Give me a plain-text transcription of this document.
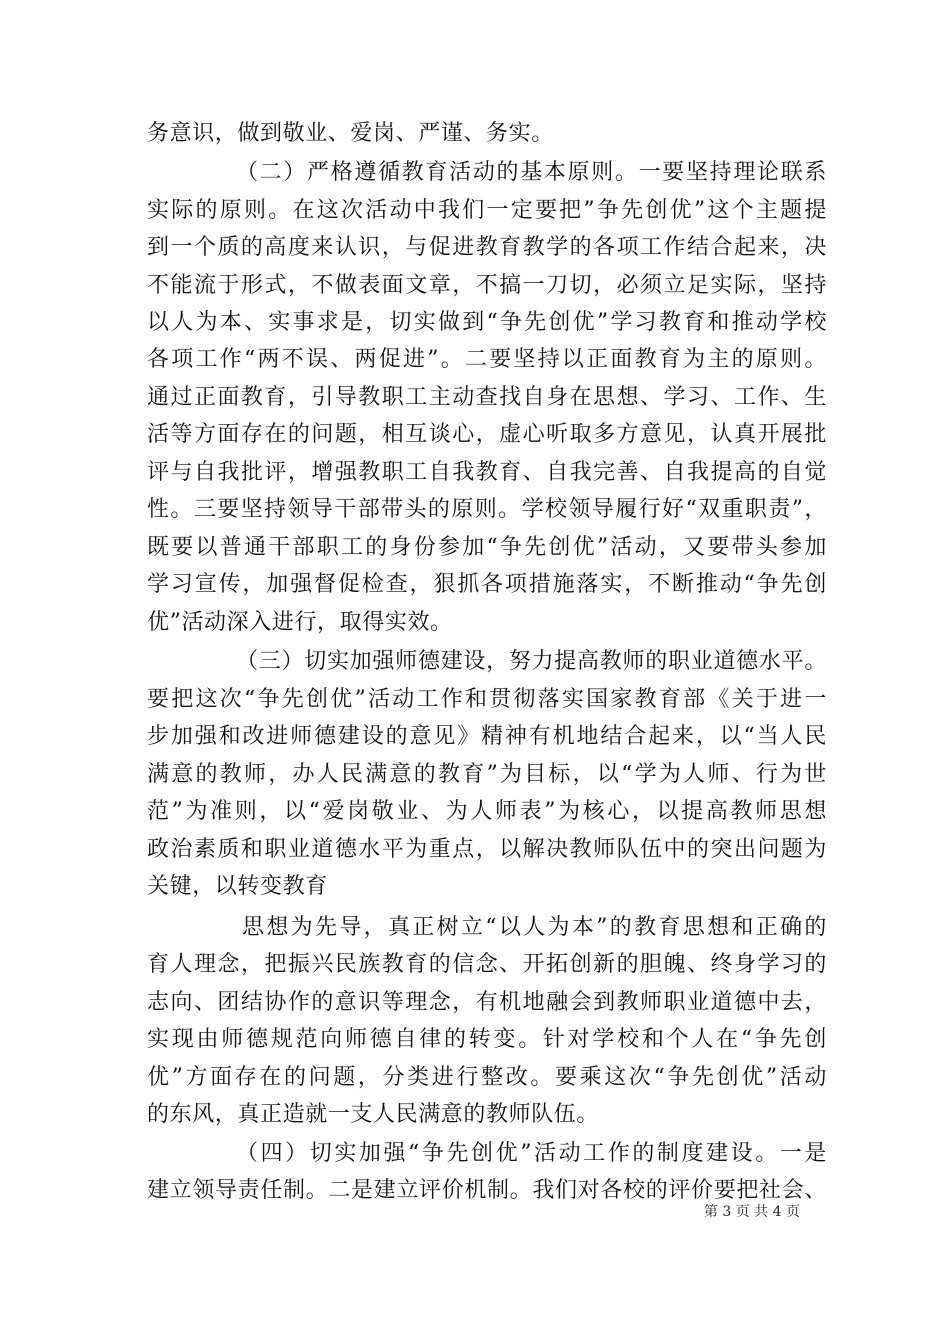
务意识，做到敬业、爱岗、严谨、务实。
（二）严格遵循教育活动的基本原则。一要坚持理论联系
实际的原则。在这次活动中我们一定要把”争先创优”这个主题提
到一个质的高度来认识，与促进教育教学的各项工作结合起来，决
不能流于形式，不做表面文章，不搞一刀切，必须立足实际，坚持
以人为本、实事求是，切实做到“争先创优”学习教育和推动学校
各项工作“两不误、两促进”。二要坚持以正面教育为主的原则。
通过正面教育，引导教职工主动查找自身在思想、学习、工作、生
活等方面存在的问题，相互谈心，虚心听取多方意见，认真开展批
评与自我批评，增强教职工自我教育、自我完善、自我提高的自觉
性。三要坚持领导干部带头的原则。学校领导履行好“双重职责”，
既要以普通干部职工的身份参加“争先创优”活动，又要带头参加
学习宣传，加强督促检查，狠抓各项措施落实，不断推动“争先创
优”活动深入进行，取得实效。
（三）切实加强师德建设，努力提高教师的职业道德水平。
要把这次“争先创优”活动工作和贯彻落实国家教育部《关于进一
步加强和改进师德建设的意见》精神有机地结合起来，以“当人民
满意的教师，办人民满意的教育”为目标，以“学为人师、行为世
范”为准则，以“爱岗敬业、为人师表”为核心，以提高教师思想
政治素质和职业道德水平为重点，以解决教师队伍中的突出问题为
关键，以转变教育
思想为先导，真正树立“以人为本”的教育思想和正确的
育人理念，把振兴民族教育的信念、开拓创新的胆魄、终身学习的
志向、团结协作的意识等理念，有机地融会到教师职业道德中去，
实现由师德规范向师德自律的转变。针对学校和个人在“争先创
优”方面存在的问题，分类进行整改。要乘这次“争先创优”活动
的东风，真正造就一支人民满意的教师队伍。
（四）切实加强“争先创优”活动工作的制度建设。一是
建立领导责任制。二是建立评价机制。我们对各校的评价要把社会、
第 3 页 共 4 页
